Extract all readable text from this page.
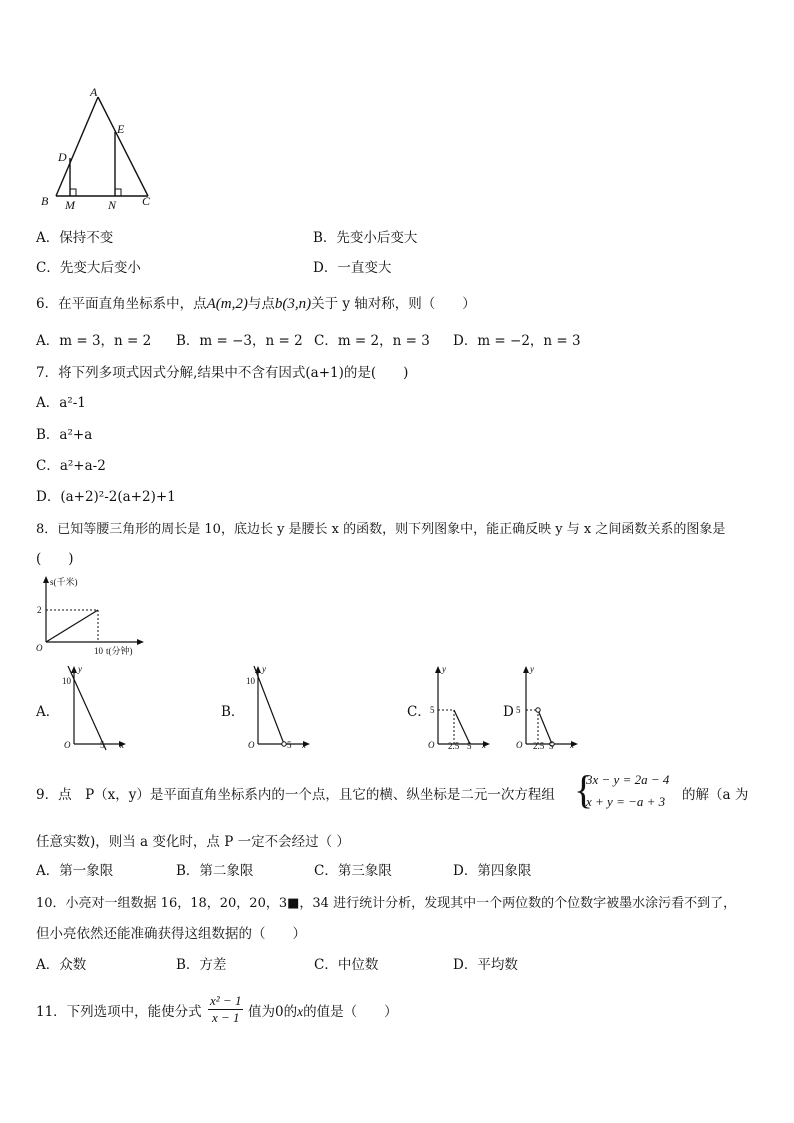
A
E
D
B M	N C
A．保持不变	B．先变小后变大
C．先变大后变小	D．一直变大
6．在平面直角坐标系中，点A(m,2)与点b(3,n)关于 y 轴对称，则（　　）
A．m = 3，n = 2 B．m = −3，n = 2 C．m = 2，n = 3 D．m = −2，n = 3
7．将下列多项式因式分解,结果中不含有因式(a+1)的是(　　)
A．a²-1
B．a²+a
C．a²+a-2
D．(a+2)²-2(a+2)+1
8．已知等腰三角形的周长是 10，底边长 y 是腰长 x 的函数，则下列图象中，能正确反映 y 与 x 之间函数关系的图象是
(　　)
s(千米)
2
O	10 t(分钟)
A．
y
10
O	5 x
B．
y
10
O	5 x
C．
y
5
O 2.5 5 x
D
y
5
O 2.5 5 x
9．点　P（x，y）是平面直角坐标系内的一个点，且它的横、纵坐标是二元一次方程组 {
3x − y = 2a − 4
x + y = −a + 3 的解（a 为
任意实数)，则当 a 变化时，点 P 一定不会经过（ ）
A．第一象限	B．第二象限	C．第三象限	D．第四象限
10．小亮对一组数据 16，18，20，20，3■，34 进行统计分析，发现其中一个两位数的个位数字被墨水涂污看不到了，
但小亮依然还能准确获得这组数据的（　　）
A．众数	B．方差	C．中位数	D．平均数
11．下列选项中，能使分式 $\frac{\text{x² − 1}}{x - 1}$ 值为0的x的值是（　　）
